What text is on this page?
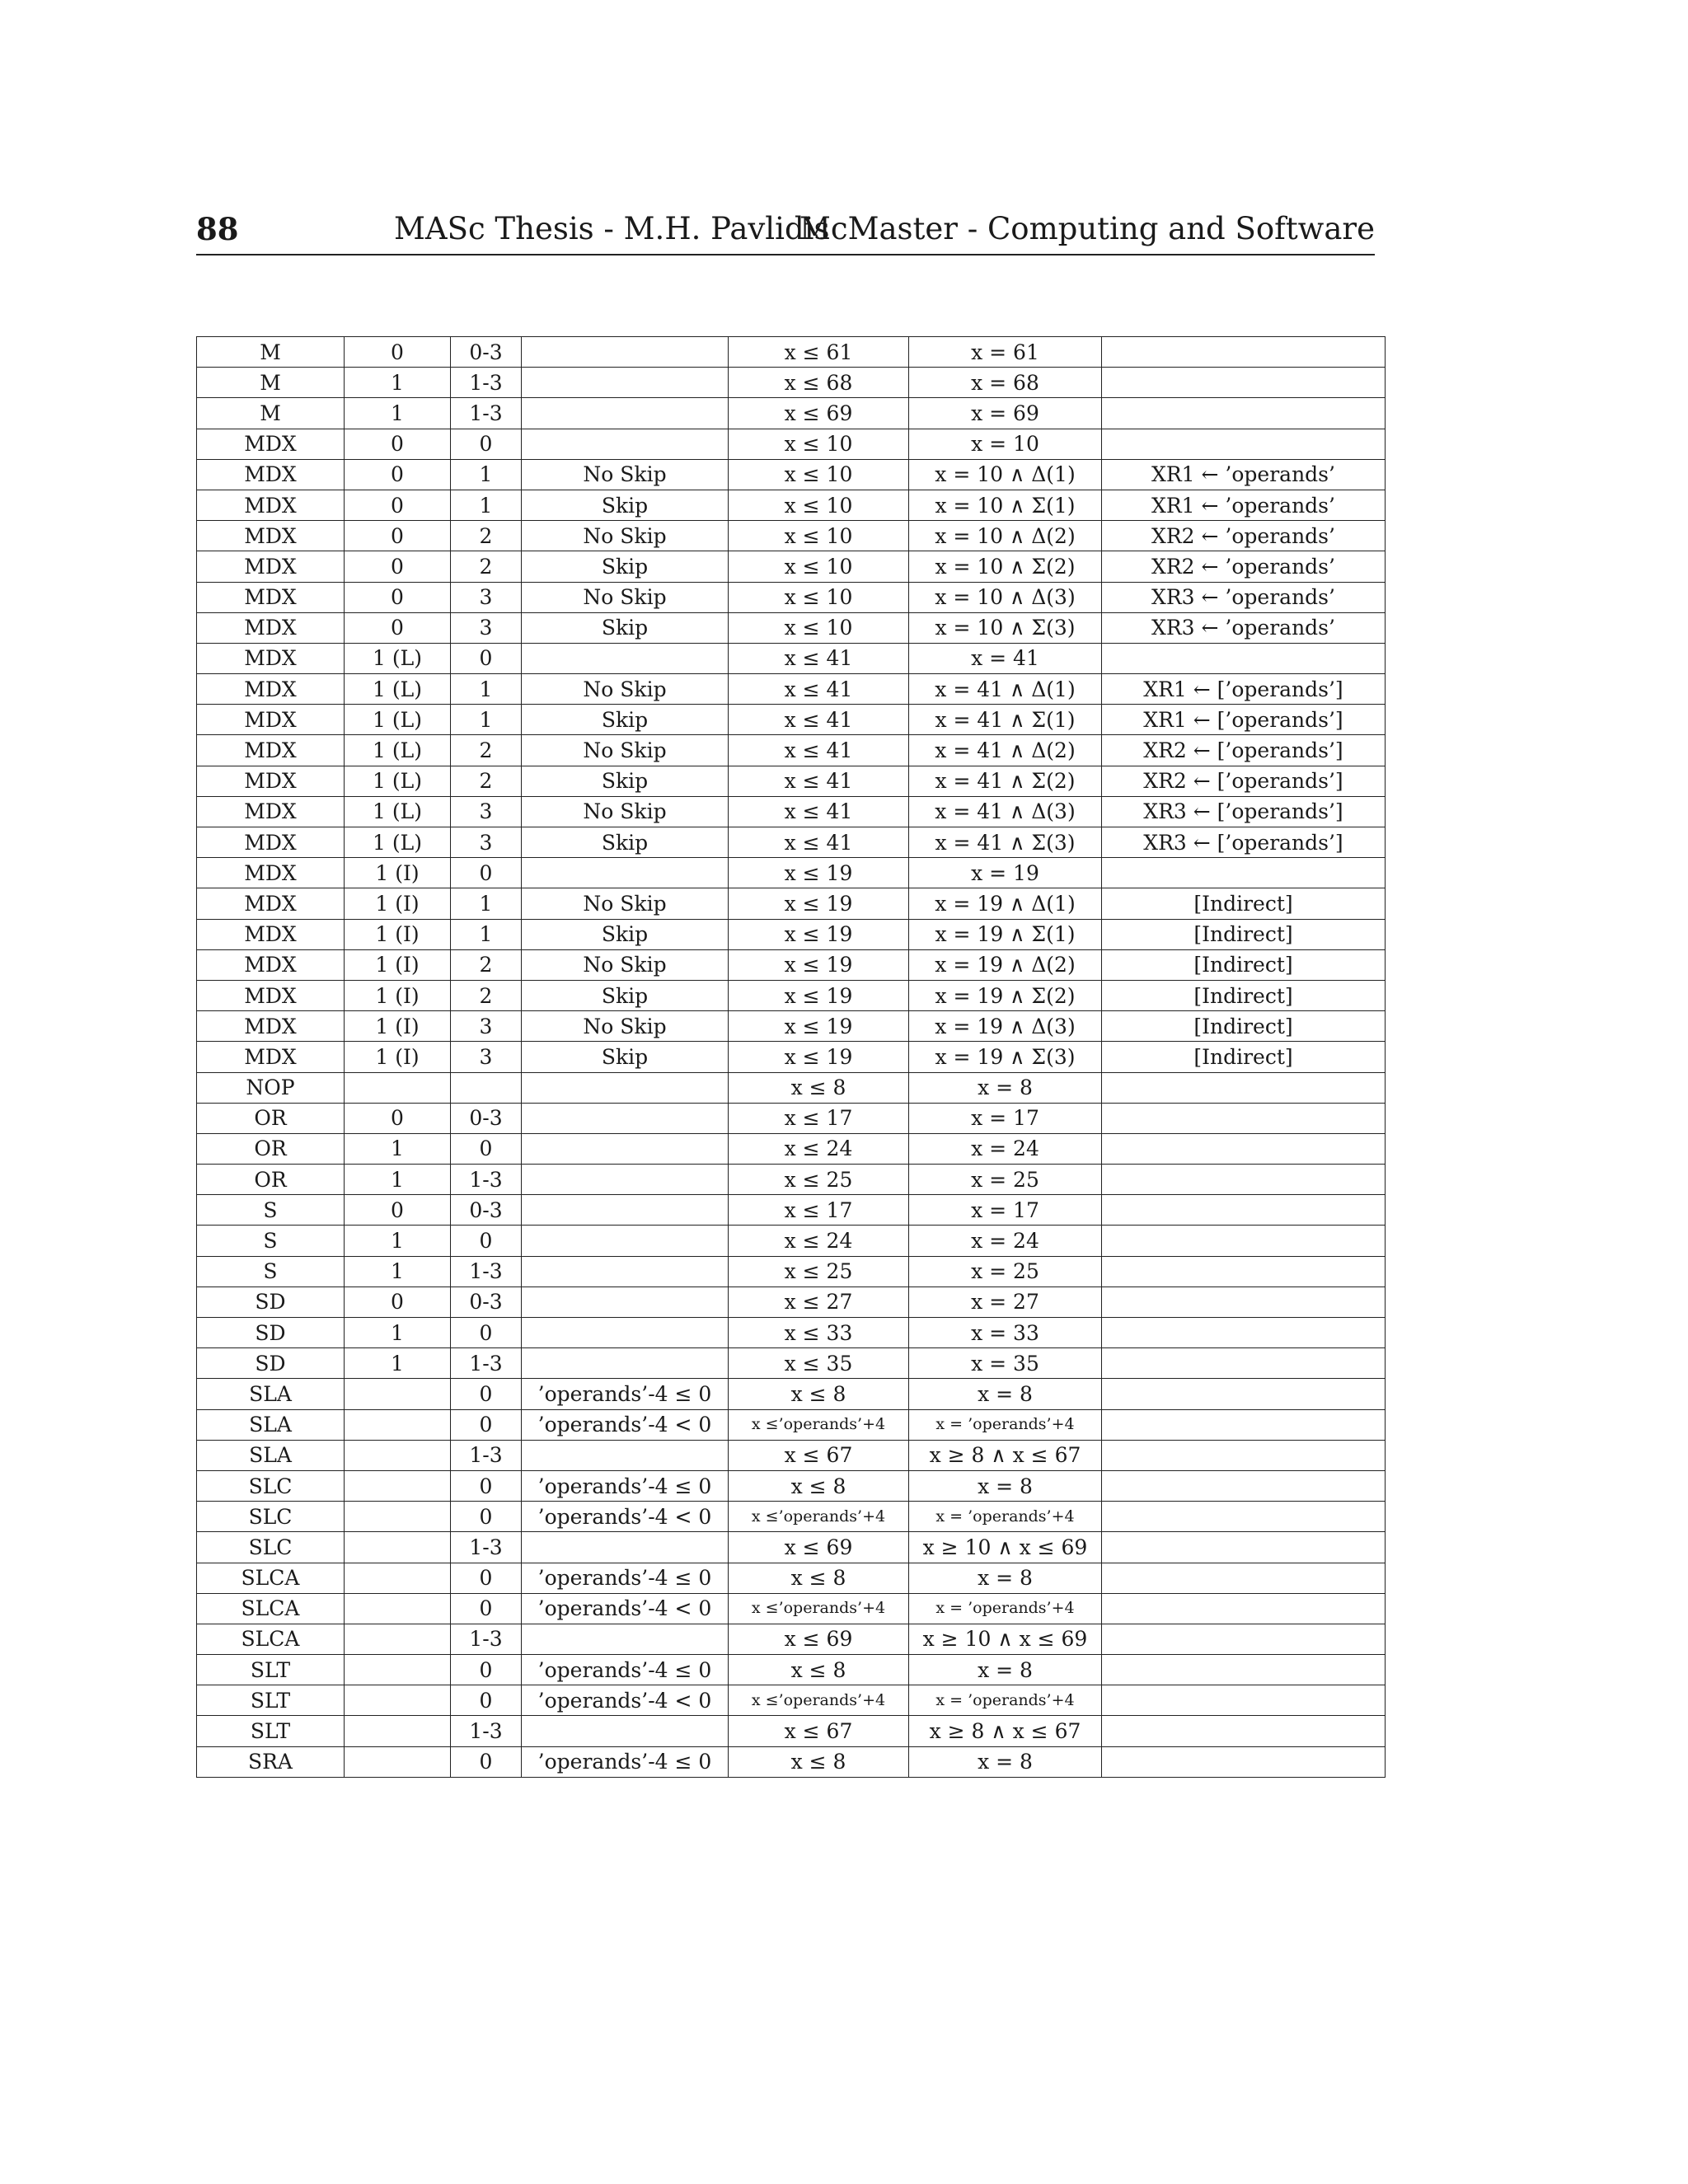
88	MASc Thesis - M.H. Pavlidis
McMaster - Computing and Software
M	0	0-3		x ≤ 61	x = 61	
M	1	1-3		x ≤ 68	x = 68	
M	1	1-3		x ≤ 69	x = 69	
MDX	0	0		x ≤ 10	x = 10	
MDX	0	1	No Skip	x ≤ 10	x = 10 ∧ Δ(1)	XR1 ← ’operands’
MDX	0	1	Skip	x ≤ 10	x = 10 ∧ Σ(1)	XR1 ← ’operands’
MDX	0	2	No Skip	x ≤ 10	x = 10 ∧ Δ(2)	XR2 ← ’operands’
MDX	0	2	Skip	x ≤ 10	x = 10 ∧ Σ(2)	XR2 ← ’operands’
MDX	0	3	No Skip	x ≤ 10	x = 10 ∧ Δ(3)	XR3 ← ’operands’
MDX	0	3	Skip	x ≤ 10	x = 10 ∧ Σ(3)	XR3 ← ’operands’
MDX	1 (L)	0		x ≤ 41	x = 41	
MDX	1 (L)	1	No Skip	x ≤ 41	x = 41 ∧ Δ(1)	XR1 ← [’operands’]
MDX	1 (L)	1	Skip	x ≤ 41	x = 41 ∧ Σ(1)	XR1 ← [’operands’]
MDX	1 (L)	2	No Skip	x ≤ 41	x = 41 ∧ Δ(2)	XR2 ← [’operands’]
MDX	1 (L)	2	Skip	x ≤ 41	x = 41 ∧ Σ(2)	XR2 ← [’operands’]
MDX	1 (L)	3	No Skip	x ≤ 41	x = 41 ∧ Δ(3)	XR3 ← [’operands’]
MDX	1 (L)	3	Skip	x ≤ 41	x = 41 ∧ Σ(3)	XR3 ← [’operands’]
MDX	1 (I)	0		x ≤ 19	x = 19	
MDX	1 (I)	1	No Skip	x ≤ 19	x = 19 ∧ Δ(1)	[Indirect]
MDX	1 (I)	1	Skip	x ≤ 19	x = 19 ∧ Σ(1)	[Indirect]
MDX	1 (I)	2	No Skip	x ≤ 19	x = 19 ∧ Δ(2)	[Indirect]
MDX	1 (I)	2	Skip	x ≤ 19	x = 19 ∧ Σ(2)	[Indirect]
MDX	1 (I)	3	No Skip	x ≤ 19	x = 19 ∧ Δ(3)	[Indirect]
MDX	1 (I)	3	Skip	x ≤ 19	x = 19 ∧ Σ(3)	[Indirect]
NOP				x ≤ 8	x = 8	
OR	0	0-3		x ≤ 17	x = 17	
OR	1	0		x ≤ 24	x = 24	
OR	1	1-3		x ≤ 25	x = 25	
S	0	0-3		x ≤ 17	x = 17	
S	1	0		x ≤ 24	x = 24	
S	1	1-3		x ≤ 25	x = 25	
SD	0	0-3		x ≤ 27	x = 27	
SD	1	0		x ≤ 33	x = 33	
SD	1	1-3		x ≤ 35	x = 35	
SLA		0	’operands’-4 ≤ 0	x ≤ 8	x = 8	
SLA		0	’operands’-4 < 0	x ≤’operands’+4	x = ’operands’+4	
SLA		1-3		x ≤ 67	x ≥ 8 ∧ x ≤ 67	
SLC		0	’operands’-4 ≤ 0	x ≤ 8	x = 8	
SLC		0	’operands’-4 < 0	x ≤’operands’+4	x = ’operands’+4	
SLC		1-3		x ≤ 69	x ≥ 10 ∧ x ≤ 69	
SLCA		0	’operands’-4 ≤ 0	x ≤ 8	x = 8	
SLCA		0	’operands’-4 < 0	x ≤’operands’+4	x = ’operands’+4	
SLCA		1-3		x ≤ 69	x ≥ 10 ∧ x ≤ 69	
SLT		0	’operands’-4 ≤ 0	x ≤ 8	x = 8	
SLT		0	’operands’-4 < 0	x ≤’operands’+4	x = ’operands’+4	
SLT		1-3		x ≤ 67	x ≥ 8 ∧ x ≤ 67	
SRA		0	’operands’-4 ≤ 0	x ≤ 8	x = 8	
